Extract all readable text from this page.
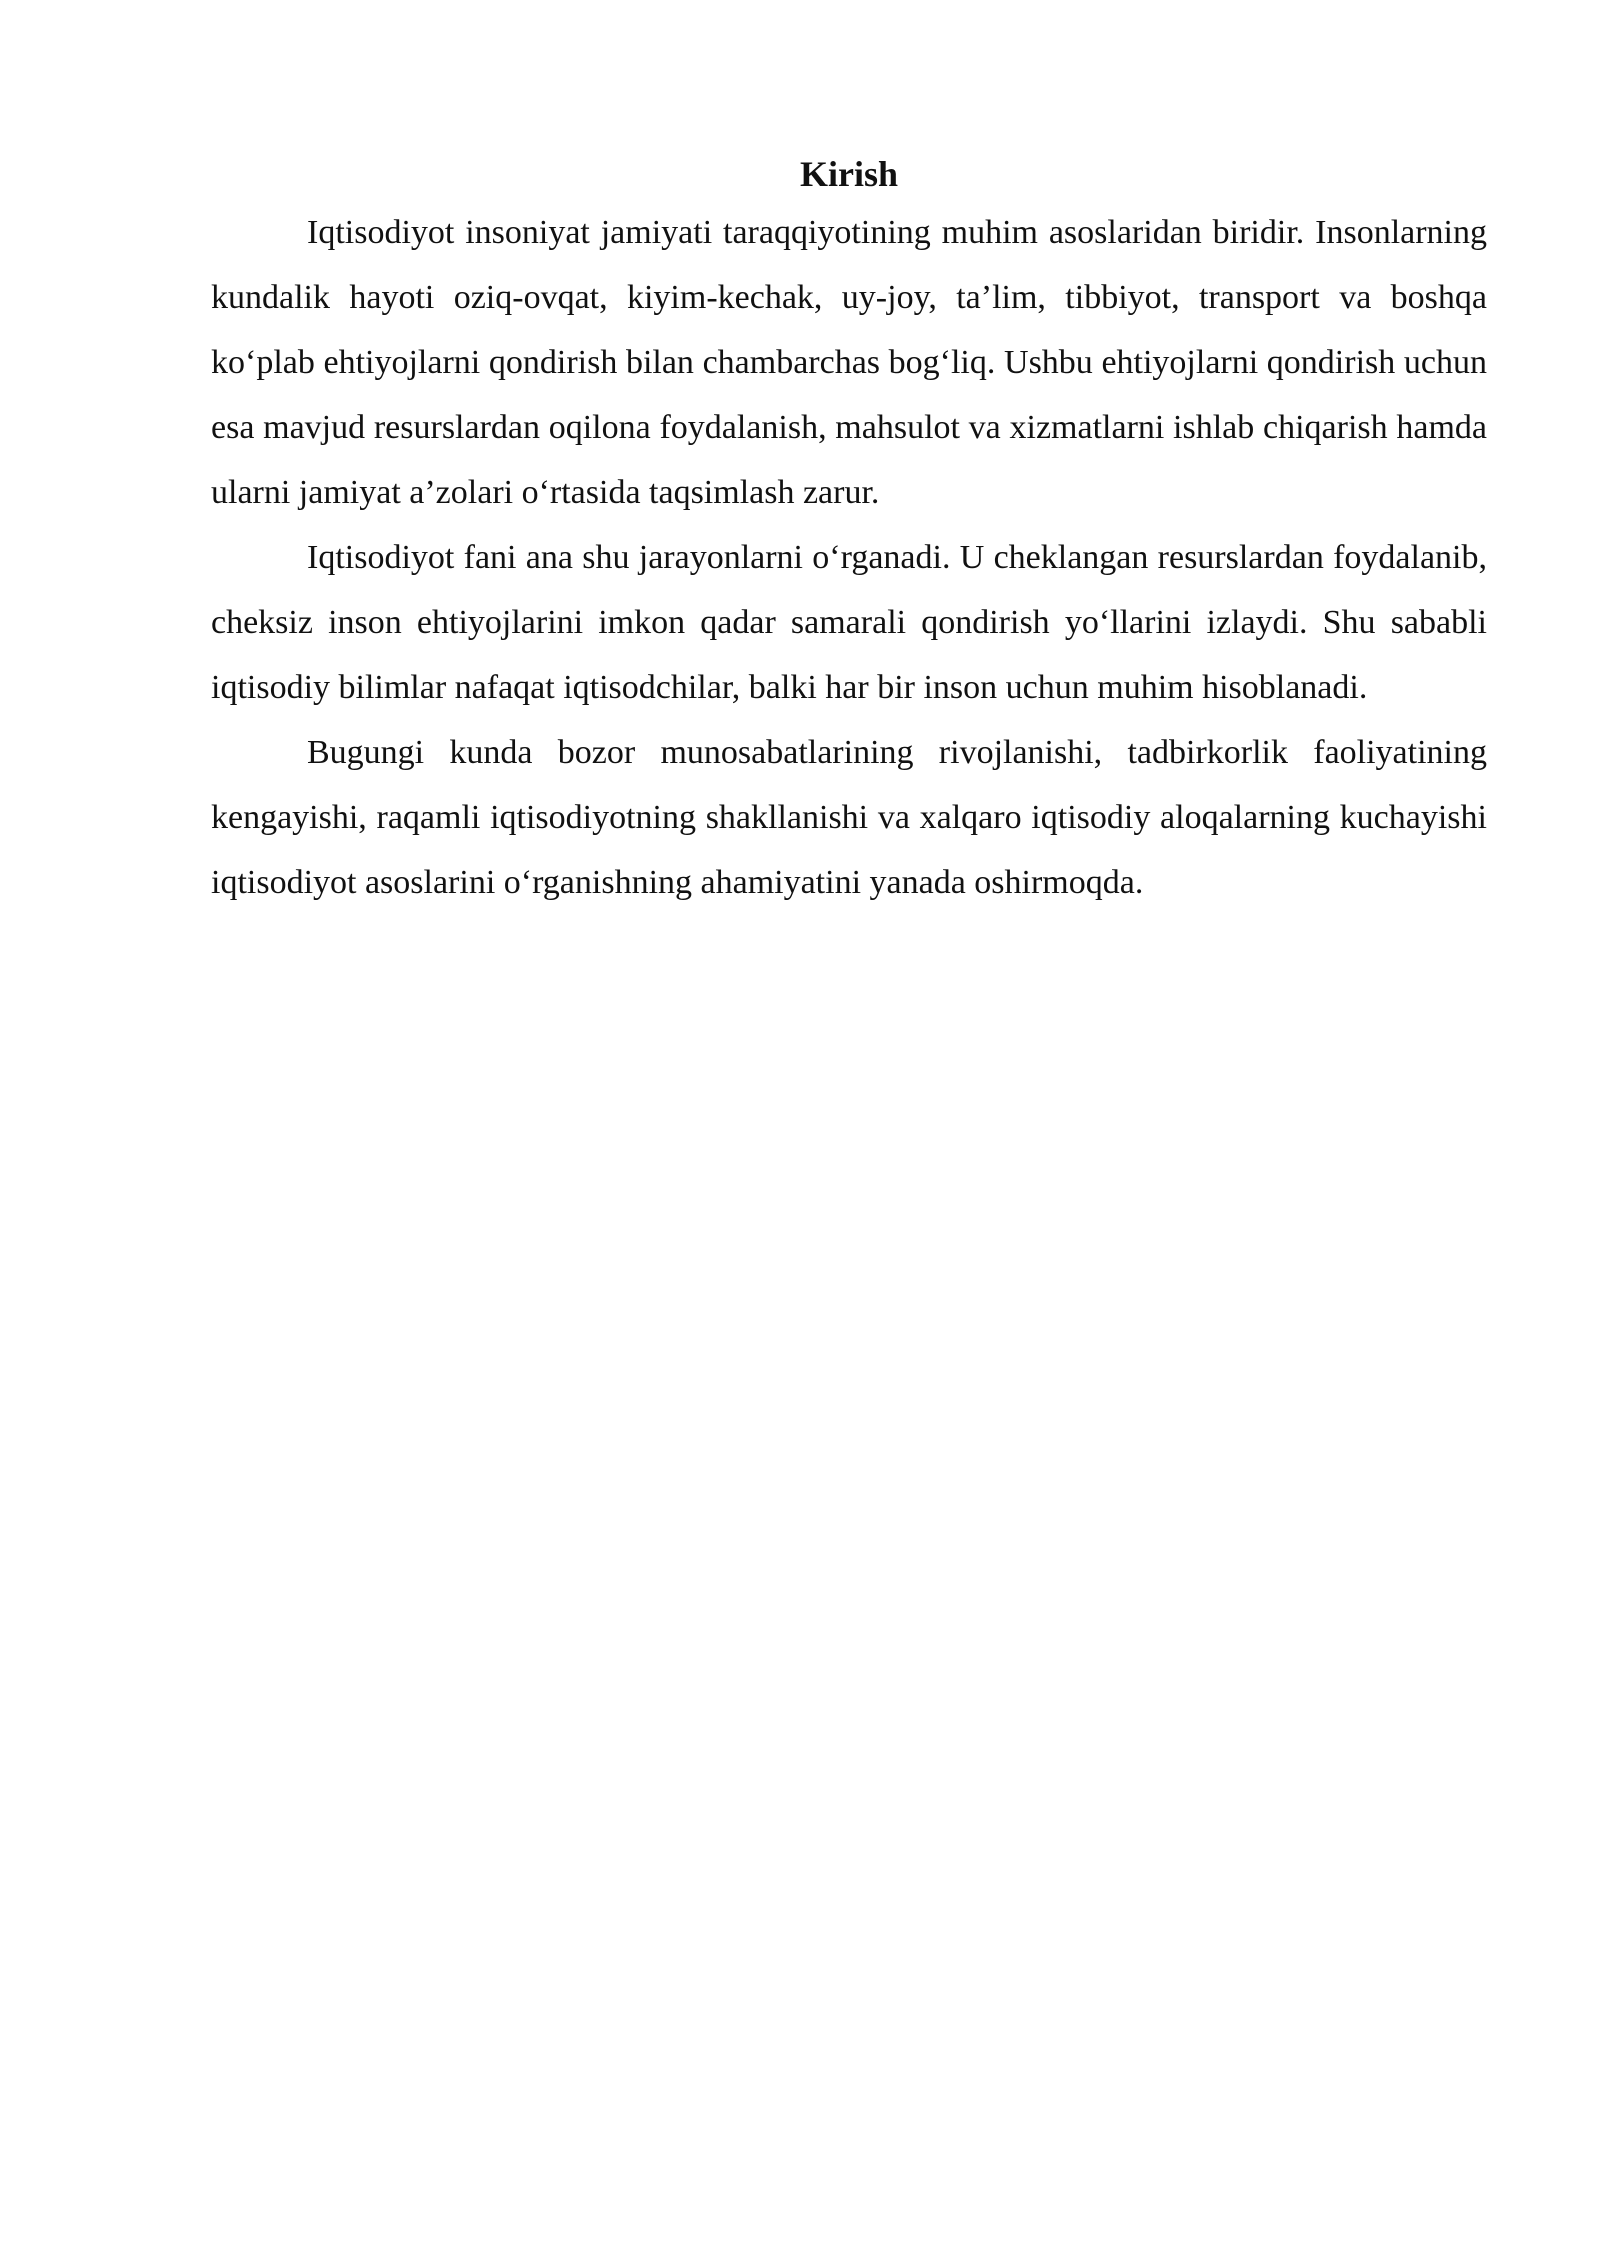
Kirish

Iqtisodiyot insoniyat jamiyati taraqqiyotining muhim asoslaridan biridir. Insonlarning kundalik hayoti oziq-ovqat, kiyim-kechak, uy-joy, ta’lim, tibbiyot, transport va boshqa ko‘plab ehtiyojlarni qondirish bilan chambarchas bog‘liq. Ushbu ehtiyojlarni qondirish uchun esa mavjud resurslardan oqilona foydalanish, mahsulot va xizmatlarni ishlab chiqarish hamda ularni jamiyat a’zolari o‘rtasida taqsimlash zarur.

Iqtisodiyot fani ana shu jarayonlarni o‘rganadi. U cheklangan resurslardan foydalanib, cheksiz inson ehtiyojlarini imkon qadar samarali qondirish yo‘llarini izlaydi. Shu sababli iqtisodiy bilimlar nafaqat iqtisodchilar, balki har bir inson uchun muhim hisoblanadi.

Bugungi kunda bozor munosabatlarining rivojlanishi, tadbirkorlik faoliyatining kengayishi, raqamli iqtisodiyotning shakllanishi va xalqaro iqtisodiy aloqalarning kuchayishi iqtisodiyot asoslarini o‘rganishning ahamiyatini yanada oshirmoqda.
